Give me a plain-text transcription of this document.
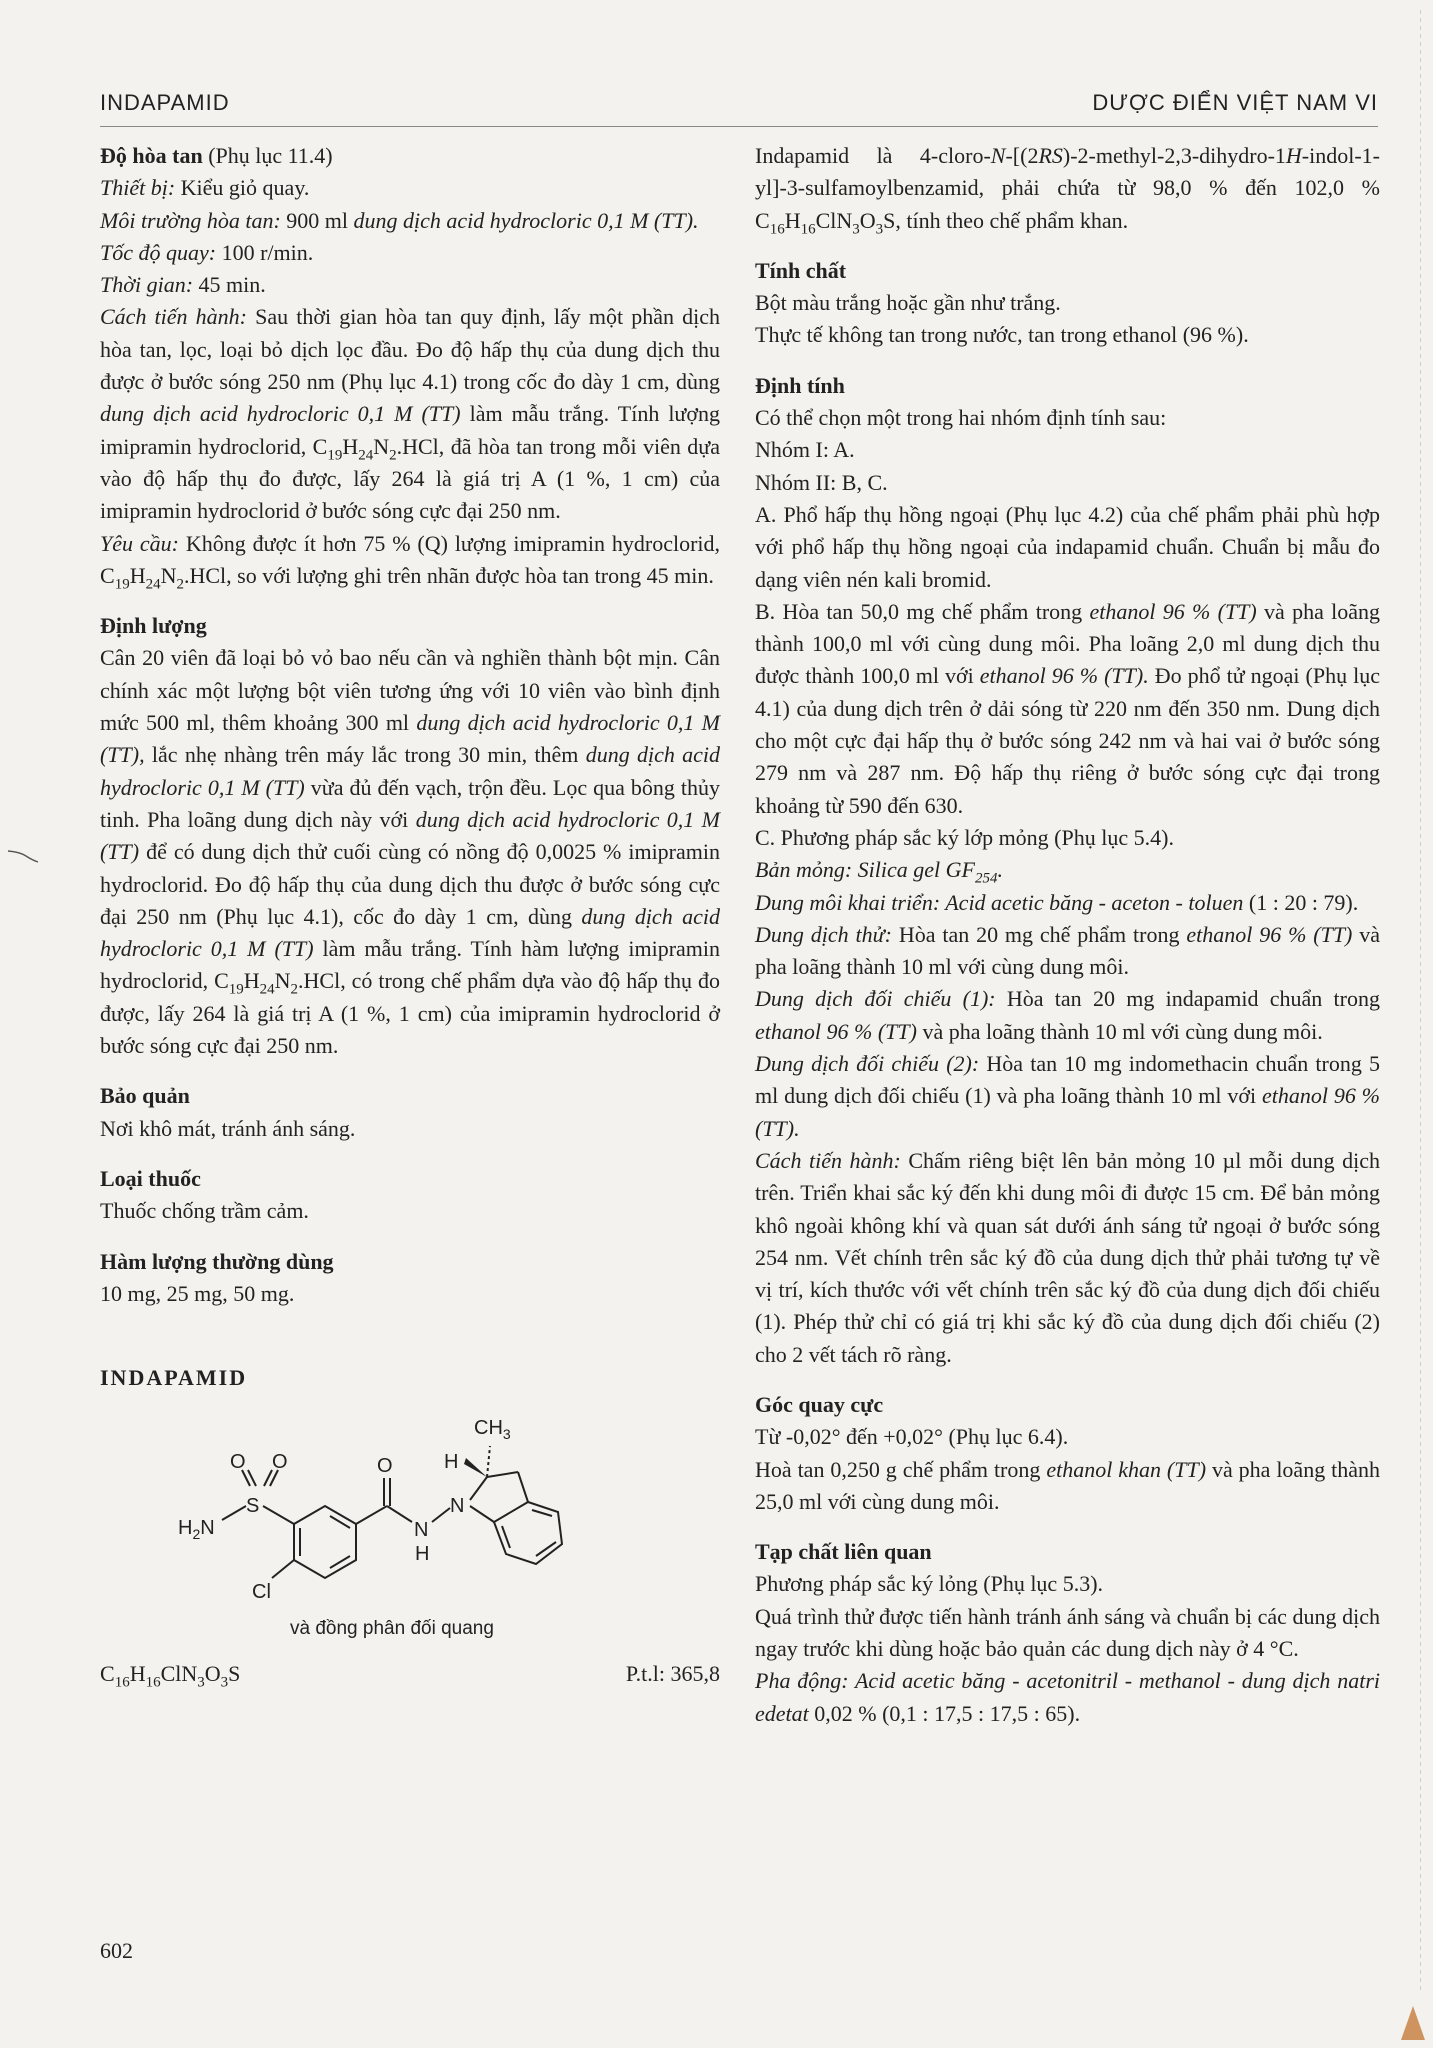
INDAPAMID	DƯỢC ĐIỂN VIỆT NAM VI

Độ hòa tan (Phụ lục 11.4)

Thiết bị: Kiểu giỏ quay.

Môi trường hòa tan: 900 ml dung dịch acid hydrocloric 0,1 M (TT).

Tốc độ quay: 100 r/min.

Thời gian: 45 min.

Cách tiến hành: Sau thời gian hòa tan quy định, lấy một phần dịch hòa tan, lọc, loại bỏ dịch lọc đầu. Đo độ hấp thụ của dung dịch thu được ở bước sóng 250 nm (Phụ lục 4.1) trong cốc đo dày 1 cm, dùng dung dịch acid hydrocloric 0,1 M (TT) làm mẫu trắng. Tính lượng imipramin hydroclorid, $C_{19}H_{24}N_2.HCl$, đã hòa tan trong mỗi viên dựa vào độ hấp thụ đo được, lấy 264 là giá trị A (1 %, 1 cm) của imipramin hydroclorid ở bước sóng cực đại 250 nm.

Yêu cầu: Không được ít hơn 75 % (Q) lượng imipramin hydroclorid, $C_{19}H_{24}N_2.HCl$, so với lượng ghi trên nhãn được hòa tan trong 45 min.

Định lượng

Cân 20 viên đã loại bỏ vỏ bao nếu cần và nghiền thành bột mịn. Cân chính xác một lượng bột viên tương ứng với 10 viên vào bình định mức 500 ml, thêm khoảng 300 ml dung dịch acid hydrocloric 0,1 M (TT), lắc nhẹ nhàng trên máy lắc trong 30 min, thêm dung dịch acid hydrocloric 0,1 M (TT) vừa đủ đến vạch, trộn đều. Lọc qua bông thủy tinh. Pha loãng dung dịch này với dung dịch acid hydrocloric 0,1 M (TT) để có dung dịch thử cuối cùng có nồng độ 0,0025 % imipramin hydroclorid. Đo độ hấp thụ của dung dịch thu được ở bước sóng cực đại 250 nm (Phụ lục 4.1), cốc đo dày 1 cm, dùng dung dịch acid hydrocloric 0,1 M (TT) làm mẫu trắng. Tính hàm lượng imipramin hydroclorid, $C_{19}H_{24}N_2.HCl$, có trong chế phẩm dựa vào độ hấp thụ đo được, lấy 264 là giá trị A (1 %, 1 cm) của imipramin hydroclorid ở bước sóng cực đại 250 nm.

Bảo quản

Nơi khô mát, tránh ánh sáng.

Loại thuốc

Thuốc chống trầm cảm.

Hàm lượng thường dùng

10 mg, 25 mg, 50 mg.

INDAPAMID

$CH_3$
H
O O	O
S
$H_2N$	N
H
N
Cl
và đồng phân đối quang
$C_{16}H_{16}ClN_3O_3S$	P.t.l: 365,8

Indapamid là 4-cloro-N-[(2RS)-2-methyl-2,3-dihydro-1H-indol-1-yl]-3-sulfamoylbenzamid, phải chứa từ 98,0 % đến 102,0 % $C_{16}H_{16}ClN_3O_3S$, tính theo chế phẩm khan.

Tính chất

Bột màu trắng hoặc gần như trắng.

Thực tế không tan trong nước, tan trong ethanol (96 %).

Định tính

Có thể chọn một trong hai nhóm định tính sau:

Nhóm I: A.

Nhóm II: B, C.

A. Phổ hấp thụ hồng ngoại (Phụ lục 4.2) của chế phẩm phải phù hợp với phổ hấp thụ hồng ngoại của indapamid chuẩn. Chuẩn bị mẫu đo dạng viên nén kali bromid.

B. Hòa tan 50,0 mg chế phẩm trong ethanol 96 % (TT) và pha loãng thành 100,0 ml với cùng dung môi. Pha loãng 2,0 ml dung dịch thu được thành 100,0 ml với ethanol 96 % (TT). Đo phổ tử ngoại (Phụ lục 4.1) của dung dịch trên ở dải sóng từ 220 nm đến 350 nm. Dung dịch cho một cực đại hấp thụ ở bước sóng 242 nm và hai vai ở bước sóng 279 nm và 287 nm. Độ hấp thụ riêng ở bước sóng cực đại trong khoảng từ 590 đến 630.

C. Phương pháp sắc ký lớp mỏng (Phụ lục 5.4).

Bản mỏng: Silica gel $GF_{254}$.

Dung môi khai triển: Acid acetic băng - aceton - toluen (1 : 20 : 79).

Dung dịch thử: Hòa tan 20 mg chế phẩm trong ethanol 96 % (TT) và pha loãng thành 10 ml với cùng dung môi.

Dung dịch đối chiếu (1): Hòa tan 20 mg indapamid chuẩn trong ethanol 96 % (TT) và pha loãng thành 10 ml với cùng dung môi.

Dung dịch đối chiếu (2): Hòa tan 10 mg indomethacin chuẩn trong 5 ml dung dịch đối chiếu (1) và pha loãng thành 10 ml với ethanol 96 % (TT).

Cách tiến hành: Chấm riêng biệt lên bản mỏng 10 µl mỗi dung dịch trên. Triển khai sắc ký đến khi dung môi đi được 15 cm. Để bản mỏng khô ngoài không khí và quan sát dưới ánh sáng tử ngoại ở bước sóng 254 nm. Vết chính trên sắc ký đồ của dung dịch thử phải tương tự về vị trí, kích thước với vết chính trên sắc ký đồ của dung dịch đối chiếu (1). Phép thử chỉ có giá trị khi sắc ký đồ của dung dịch đối chiếu (2) cho 2 vết tách rõ ràng.

Góc quay cực

Từ -0,02° đến +0,02° (Phụ lục 6.4).

Hoà tan 0,250 g chế phẩm trong ethanol khan (TT) và pha loãng thành 25,0 ml với cùng dung môi.

Tạp chất liên quan

Phương pháp sắc ký lỏng (Phụ lục 5.3).

Quá trình thử được tiến hành tránh ánh sáng và chuẩn bị các dung dịch ngay trước khi dùng hoặc bảo quản các dung dịch này ở 4 °C.

Pha động: Acid acetic băng - acetonitril - methanol - dung dịch natri edetat 0,02 % (0,1 : 17,5 : 17,5 : 65).

602
